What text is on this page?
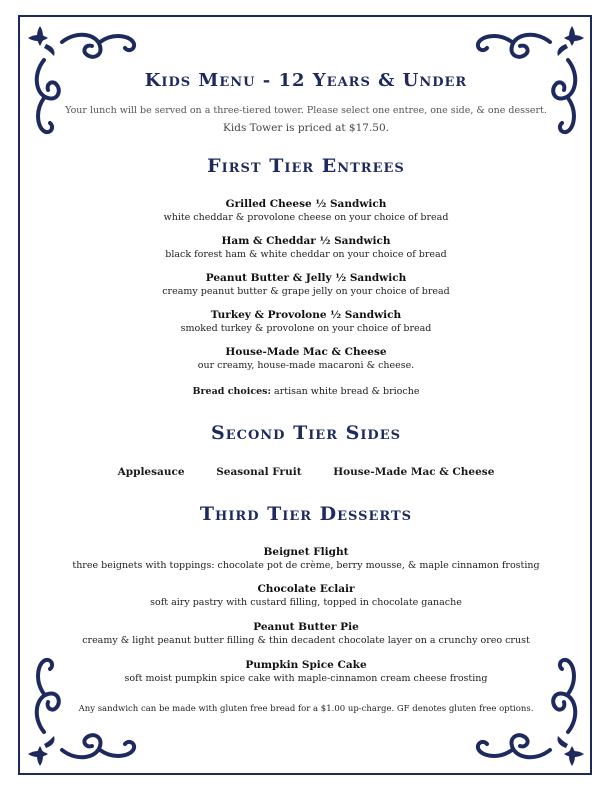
Kids Menu - 12 Years & Under
Your lunch will be served on a three-tiered tower. Please select one entree, one side, & one dessert.
Kids Tower is priced at $17.50.
First Tier Entrees
Grilled Cheese ½ Sandwich
white cheddar & provolone cheese on your choice of bread
Ham & Cheddar ½ Sandwich
black forest ham & white cheddar on your choice of bread
Peanut Butter & Jelly ½ Sandwich
creamy peanut butter & grape jelly on your choice of bread
Turkey & Provolone ½ Sandwich
smoked turkey & provolone on your choice of bread
House-Made Mac & Cheese
our creamy, house-made macaroni & cheese.
Bread choices: artisan white bread & brioche
Second Tier Sides
Applesauce	Seasonal Fruit	House-Made Mac & Cheese
Third Tier Desserts
Beignet Flight
three beignets with toppings: chocolate pot de crème, berry mousse, & maple cinnamon frosting
Chocolate Eclair
soft airy pastry with custard filling, topped in chocolate ganache
Peanut Butter Pie
creamy & light peanut butter filling & thin decadent chocolate layer on a crunchy oreo crust
Pumpkin Spice Cake
soft moist pumpkin spice cake with maple-cinnamon cream cheese frosting
Any sandwich can be made with gluten free bread for a $1.00 up-charge. GF denotes gluten free options.
